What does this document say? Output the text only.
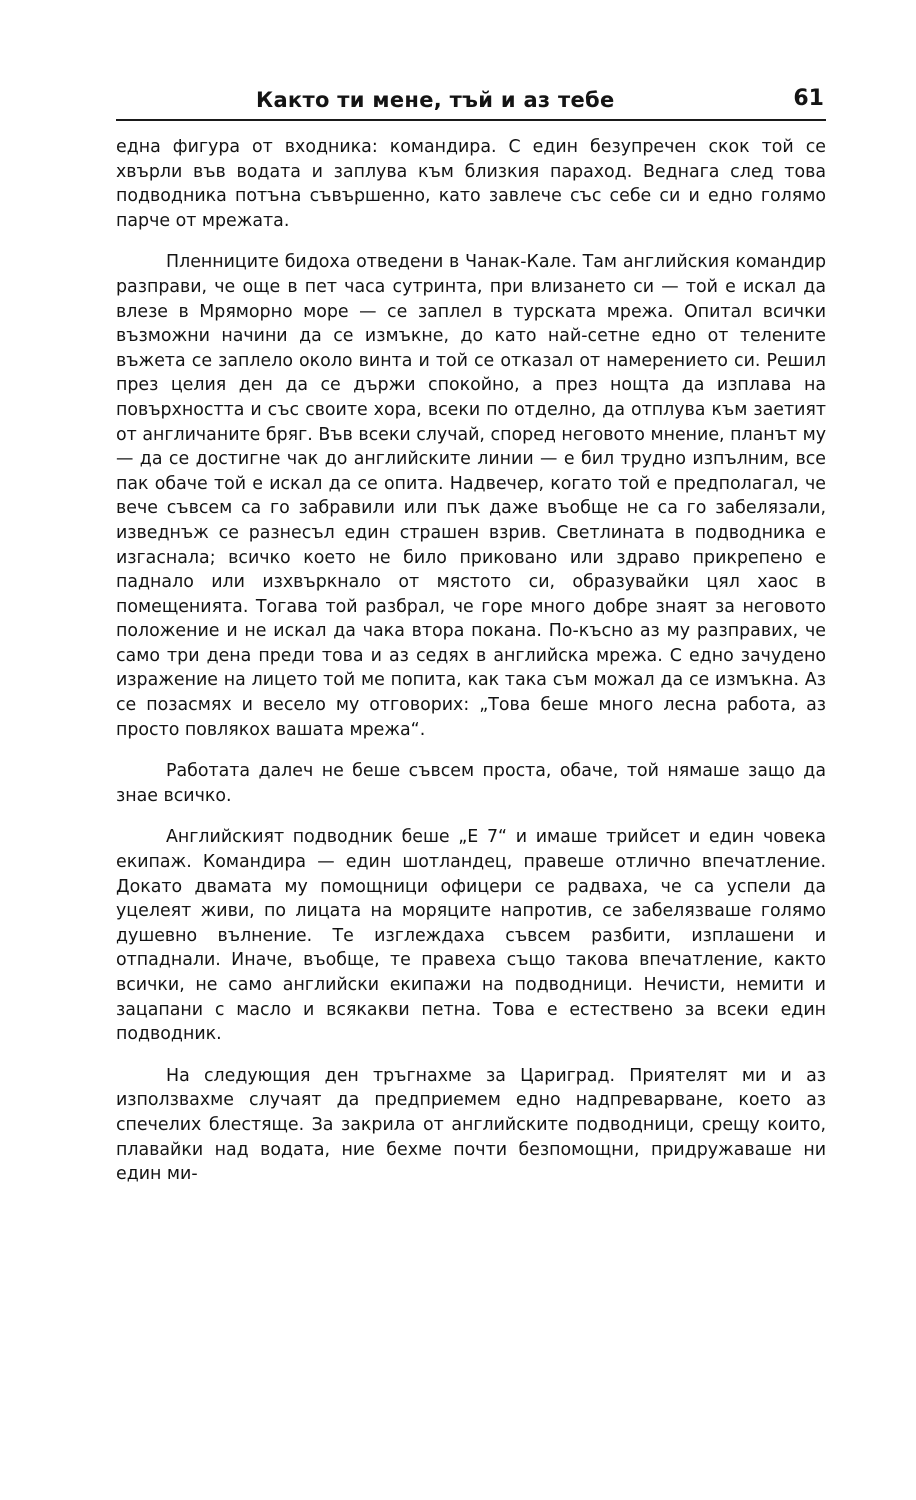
Както ти мене, тъй и аз тебе	61

една фигура от входника: командира. С един безупречен скок той се хвърли във водата и заплува към близкия параход. Веднага след това подводника потъна съвършенно, като завлече със себе си и едно голямо парче от мрежата.

Пленниците бидоха отведени в Чанак-Кале. Там английския командир разправи, че още в пет часа сутринта, при влизането си — той е искал да влезе в Мряморно море — се заплел в турската мрежа. Опитал всички възможни начини да се измъкне, до като най-сетне едно от телените въжета се заплело около винта и той се отказал от намерението си. Решил през целия ден да се държи спокойно, а през нощта да изплава на повърхността и със своите хора, всеки по отделно, да отплува към заетият от англичаните бряг. Във всеки случай, според неговото мнение, планът му — да се достигне чак до английските линии — е бил трудно изпълним, все пак обаче той е искал да се опита. Надвечер, когато той е предполагал, че вече съвсем са го забравили или пък даже въобще не са го забелязали, изведнъж се разнесъл един страшен взрив. Светлината в подводника е изгаснала; всичко което не било приковано или здраво прикрепено е паднало или изхвъркнало от мястото си, образувайки цял хаос в помещенията. Тогава той разбрал, че горе много добре знаят за неговото положение и не искал да чака втора покана. По-късно аз му разправих, че само три дена преди това и аз седях в английска мрежа. С едно зачудено изражение на лицето той ме попита, как така съм можал да се измъкна. Аз се позасмях и весело му отговорих: „Това беше много лесна работа, аз просто повлякох вашата мрежа“.

Работата далеч не беше съвсем проста, обаче, той нямаше защо да знае всичко.

Английският подводник беше „Е 7“ и имаше трийсет и един човека екипаж. Командира — един шотландец, правеше отлично впечатление. Докато двамата му помощници офицери се радваха, че са успели да уцелеят живи, по лицата на моряците напротив, се забелязваше голямо душевно вълнение. Те изглеждаха съвсем разбити, изплашени и отпаднали. Иначе, въобще, те правеха също такова впечатление, както всички, не само английски екипажи на подводници. Нечисти, немити и зацапани с масло и всякакви петна. Това е естествено за всеки един подводник.

На следующия ден тръгнахме за Цариград. Приятелят ми и аз използвахме случаят да предприемем едно надпреварване, което аз спечелих блестяще. За закрила от английските подводници, срещу които, плавайки над водата, ние бехме почти безпомощни, придружаваше ни един ми-
